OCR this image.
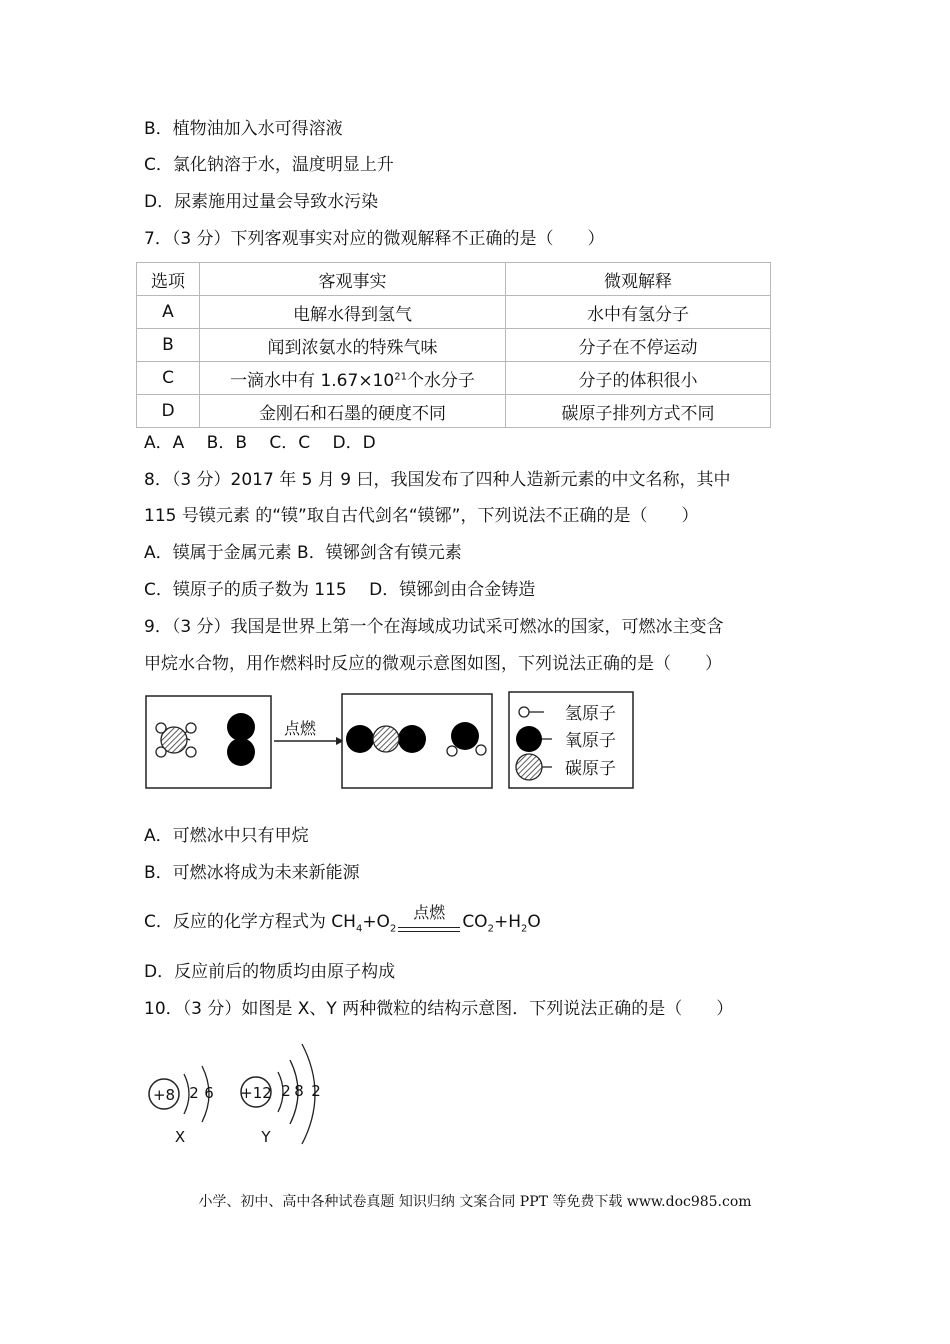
B．植物油加入水可得溶液
C．氯化钠溶于水，温度明显上升
D．尿素施用过量会导致水污染
7．（3 分）下列客观事实对应的微观解释不正确的是（　　）
选项	客观事实	微观解释
A	电解水得到氢气	水中有氢分子
B	闻到浓氨水的特殊气味	分子在不停运动
C	一滴水中有 $1.67\times 10^{21}$个水分子	分子的体积很小
D	金刚石和石墨的硬度不同	碳原子排列方式不同
A．A　 B．B　 C．C　 D．D
8．（3 分）2017 年 5 月 9 曰，我国发布了四种人造新元素的中文名称，其中
115 号镆元素 的“镆”取自古代剑名“镆铘”，下列说法不正确的是（　　）
A．镆属于金属元素 B．镆铘剑含有镆元素
C．镆原子的质子数为 115　 D．镆铘剑由合金铸造
9．（3 分）我国是世界上第一个在海域成功试采可燃冰的国家，可燃冰主变含
甲烷水合物，用作燃料时反应的微观示意图如图，下列说法正确的是（　　）
点燃
氢原子
氧原子
碳原子
A．可燃冰中只有甲烷
B．可燃冰将成为未来新能源
C．反应的化学方程式为 $CH_4+O_2$
点燃	$CO_2+H_2O$
D．反应前后的物质均由原子构成
10．（3 分）如图是 X、Y 两种微粒的结构示意图．下列说法正确的是（　　）
+8 2 6
X
+12 2 8 2
Y
小学、初中、高中各种试卷真题 知识归纳 文案合同 PPT 等免费下载 www.doc985.com
